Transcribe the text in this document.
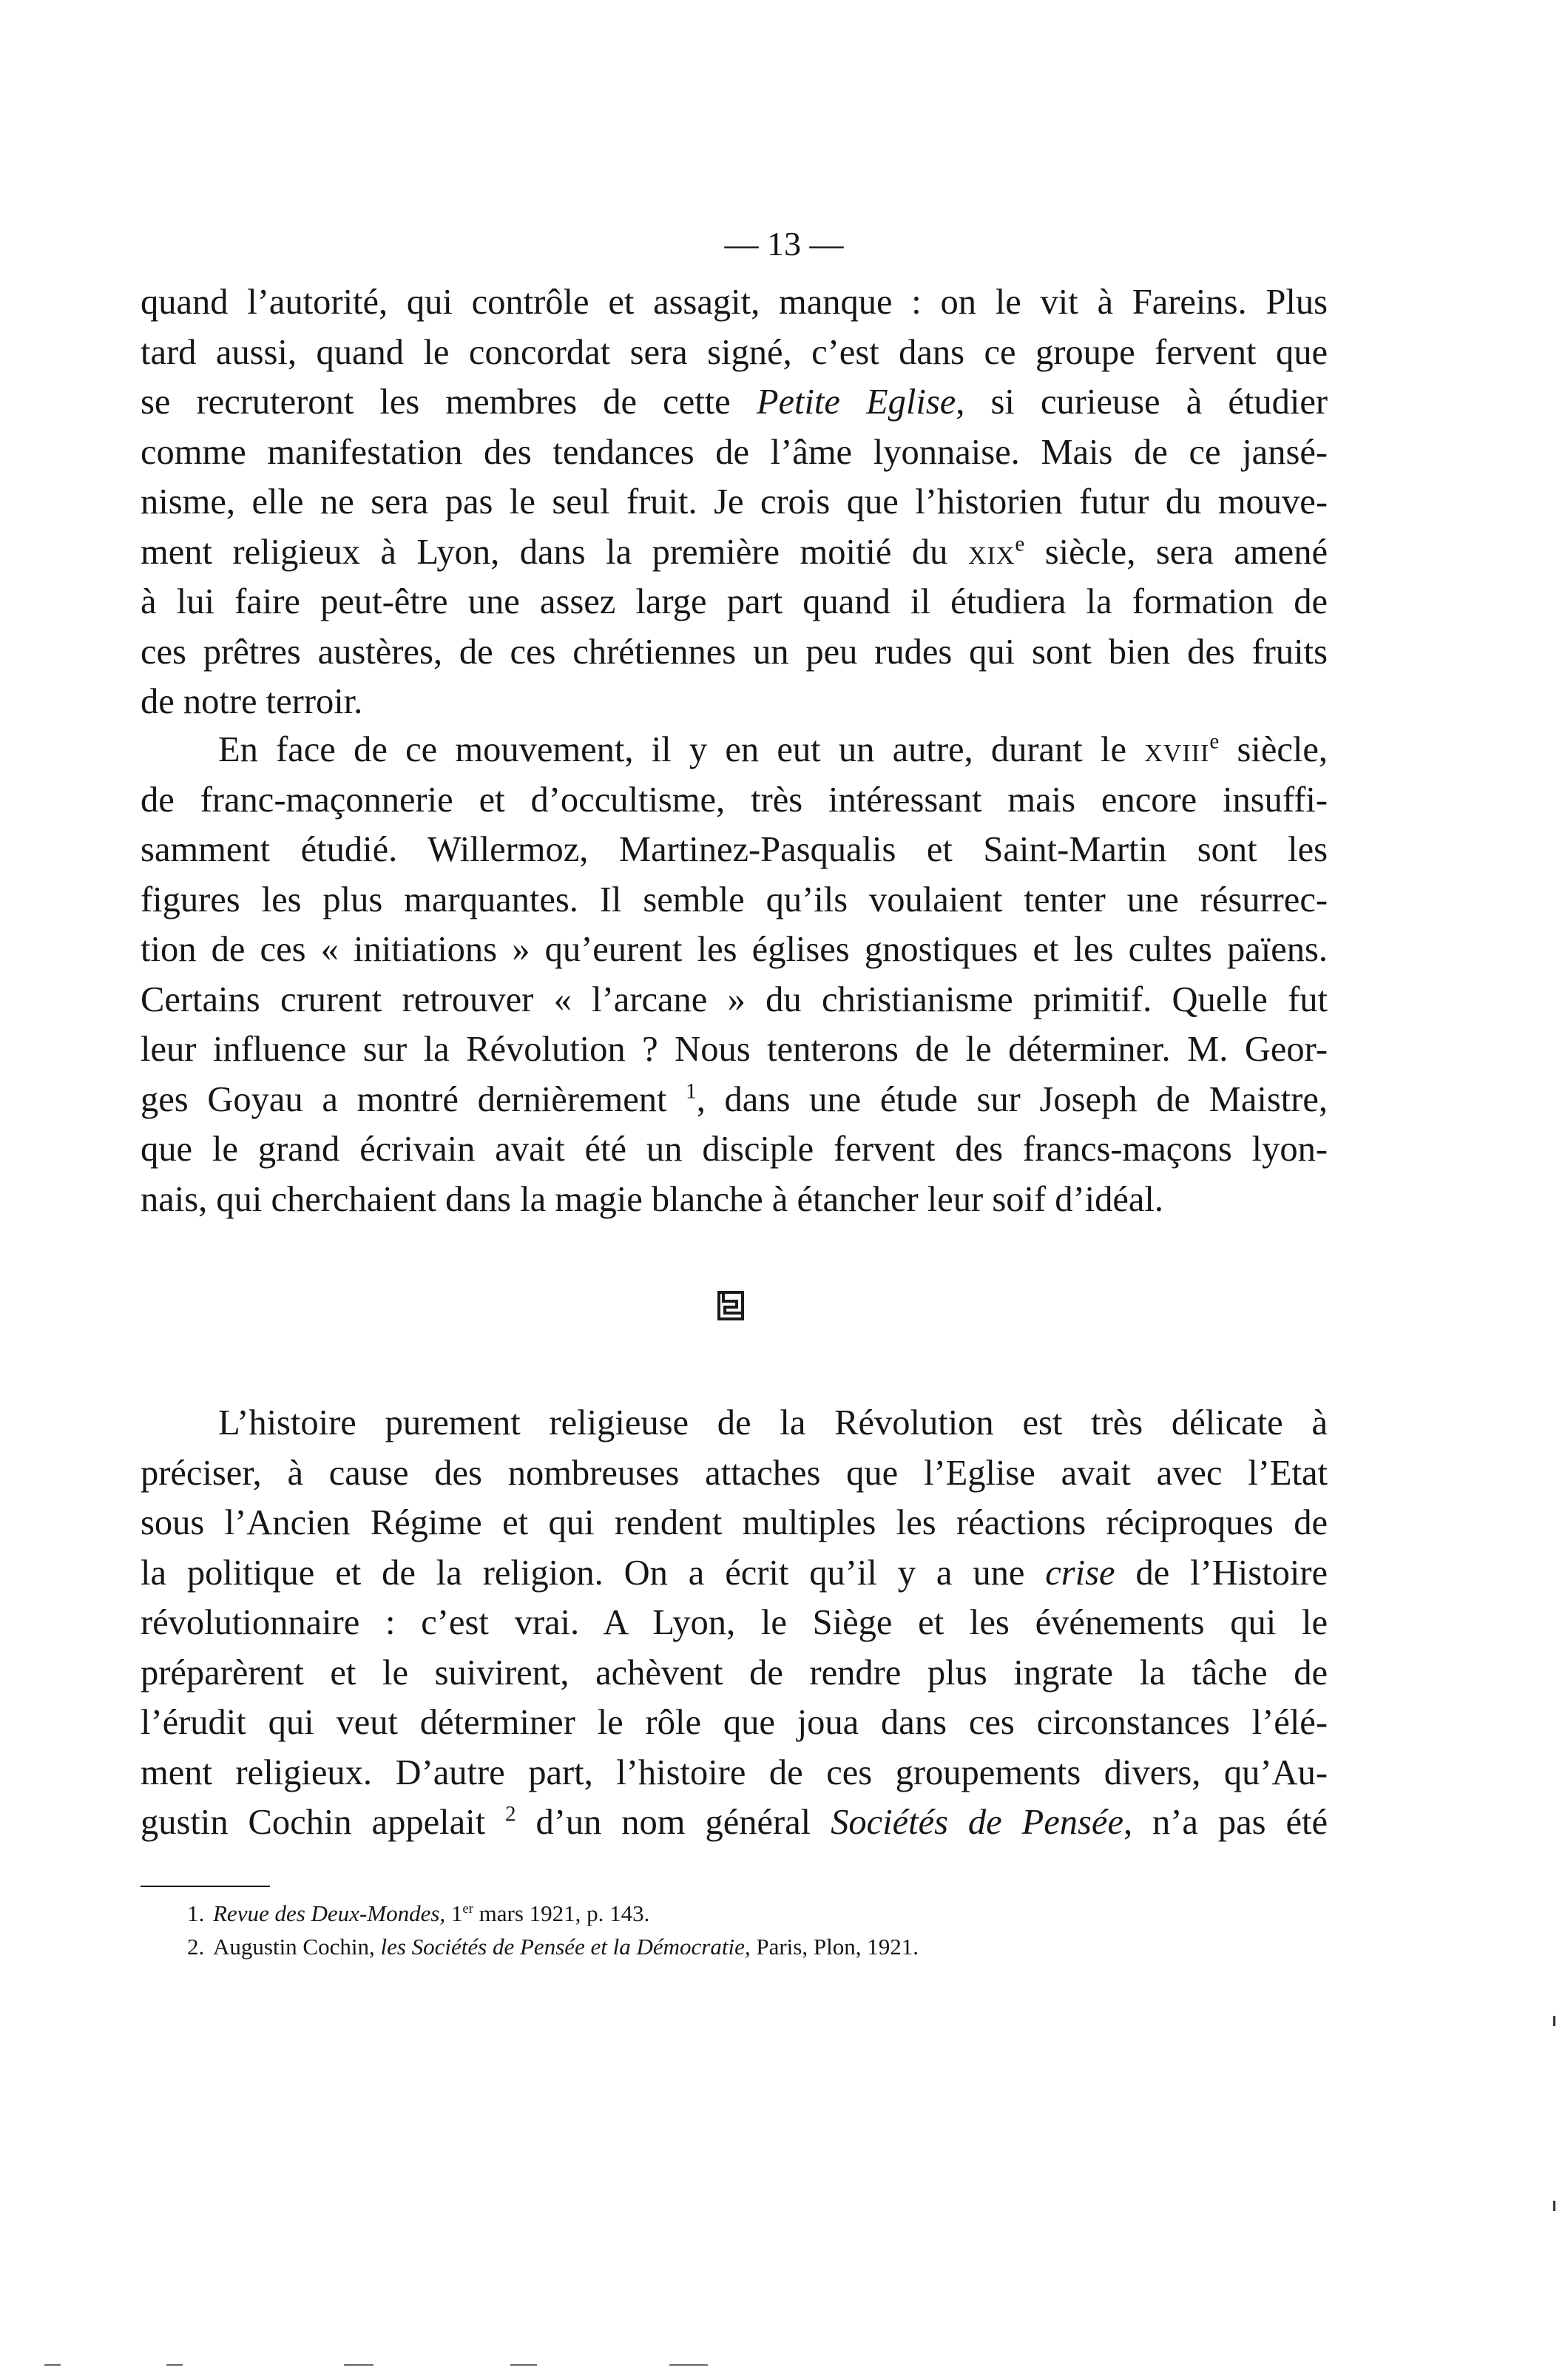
— 13 —
quand l’autorité, qui contrôle et assagit, manque : on le vit à Fareins. Plus
tard aussi, quand le concordat sera signé, c’est dans ce groupe fervent que
se recruteront les membres de cette Petite Eglise, si curieuse à étudier
comme manifestation des tendances de l’âme lyonnaise. Mais de ce jansé-
nisme, elle ne sera pas le seul fruit. Je crois que l’historien futur du mouve-
ment religieux à Lyon, dans la première moitié du xix$^e$ siècle, sera amené
à lui faire peut-être une assez large part quand il étudiera la formation de
ces prêtres austères, de ces chrétiennes un peu rudes qui sont bien des fruits
de notre terroir.
En face de ce mouvement, il y en eut un autre, durant le xviii$^e$ siècle,
de franc-maçonnerie et d’occultisme, très intéressant mais encore insuffi-
samment étudié. Willermoz, Martinez-Pasqualis et Saint-Martin sont les
figures les plus marquantes. Il semble qu’ils voulaient tenter une résurrec-
tion de ces « initiations » qu’eurent les églises gnostiques et les cultes païens.
Certains crurent retrouver « l’arcane » du christianisme primitif. Quelle fut
leur influence sur la Révolution ? Nous tenterons de le déterminer. M. Geor-
ges Goyau a montré dernièrement $^1$, dans une étude sur Joseph de Maistre,
que le grand écrivain avait été un disciple fervent des francs-maçons lyon-
nais, qui cherchaient dans la magie blanche à étancher leur soif d’idéal.
L’histoire purement religieuse de la Révolution est très délicate à
préciser, à cause des nombreuses attaches que l’Eglise avait avec l’Etat
sous l’Ancien Régime et qui rendent multiples les réactions réciproques de
la politique et de la religion. On a écrit qu’il y a une crise de l’Histoire
révolutionnaire : c’est vrai. A Lyon, le Siège et les événements qui le
préparèrent et le suivirent, achèvent de rendre plus ingrate la tâche de
l’érudit qui veut déterminer le rôle que joua dans ces circonstances l’élé-
ment religieux. D’autre part, l’histoire de ces groupements divers, qu’Au-
gustin Cochin appelait $^2$ d’un nom général Sociétés de Pensée, n’a pas été
1. Revue des Deux-Mondes, 1er mars 1921, p. 143.
2. Augustin Cochin, les Sociétés de Pensée et la Démocratie, Paris, Plon, 1921.
